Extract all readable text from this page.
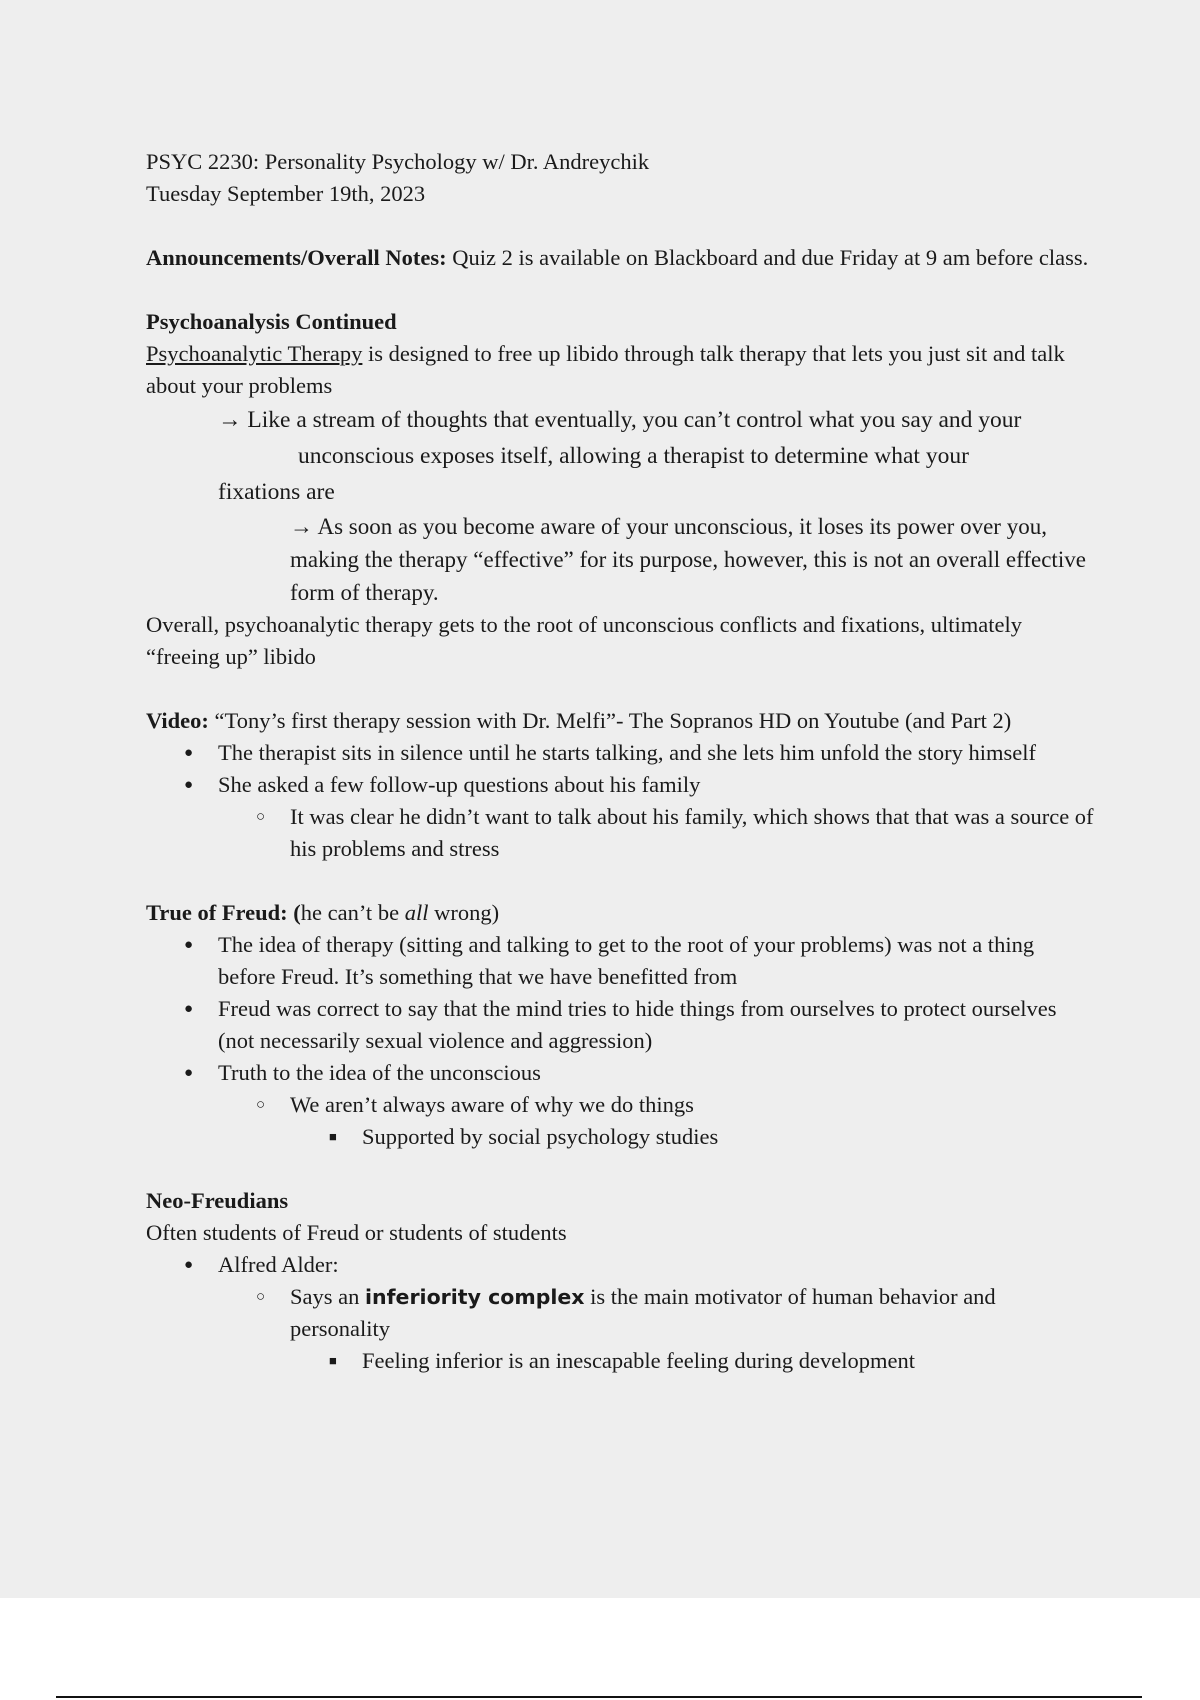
PSYC 2230: Personality Psychology w/ Dr. Andreychik

Tuesday September 19th, 2023

Announcements/Overall Notes: Quiz 2 is available on Blackboard and due Friday at 9 am before class.

Psychoanalysis Continued

Psychoanalytic Therapy is designed to free up libido through talk therapy that lets you just sit and talk about your problems

→ Like a stream of thoughts that eventually, you can’t control what you say and your
unconscious exposes itself, allowing a therapist to determine what your
fixations are

→ As soon as you become aware of your unconscious, it loses its power over you, making the therapy “effective” for its purpose, however, this is not an overall effective form of therapy.

Overall, psychoanalytic therapy gets to the root of unconscious conflicts and fixations, ultimately “freeing up” libido

Video: “Tony’s first therapy session with Dr. Melfi”- The Sopranos HD on Youtube (and Part 2)

● The therapist sits in silence until he starts talking, and she lets him unfold the story himself
● She asked a few follow-up questions about his family
○ It was clear he didn’t want to talk about his family, which shows that that was a source of his problems and stress

True of Freud: (he can’t be all wrong)

● The idea of therapy (sitting and talking to get to the root of your problems) was not a thing before Freud. It’s something that we have benefitted from
● Freud was correct to say that the mind tries to hide things from ourselves to protect ourselves (not necessarily sexual violence and aggression)
● Truth to the idea of the unconscious
○ We aren’t always aware of why we do things
■ Supported by social psychology studies

Neo-Freudians

Often students of Freud or students of students

● Alfred Alder:
○ Says an inferiority complex is the main motivator of human behavior and personality
■ Feeling inferior is an inescapable feeling during development
